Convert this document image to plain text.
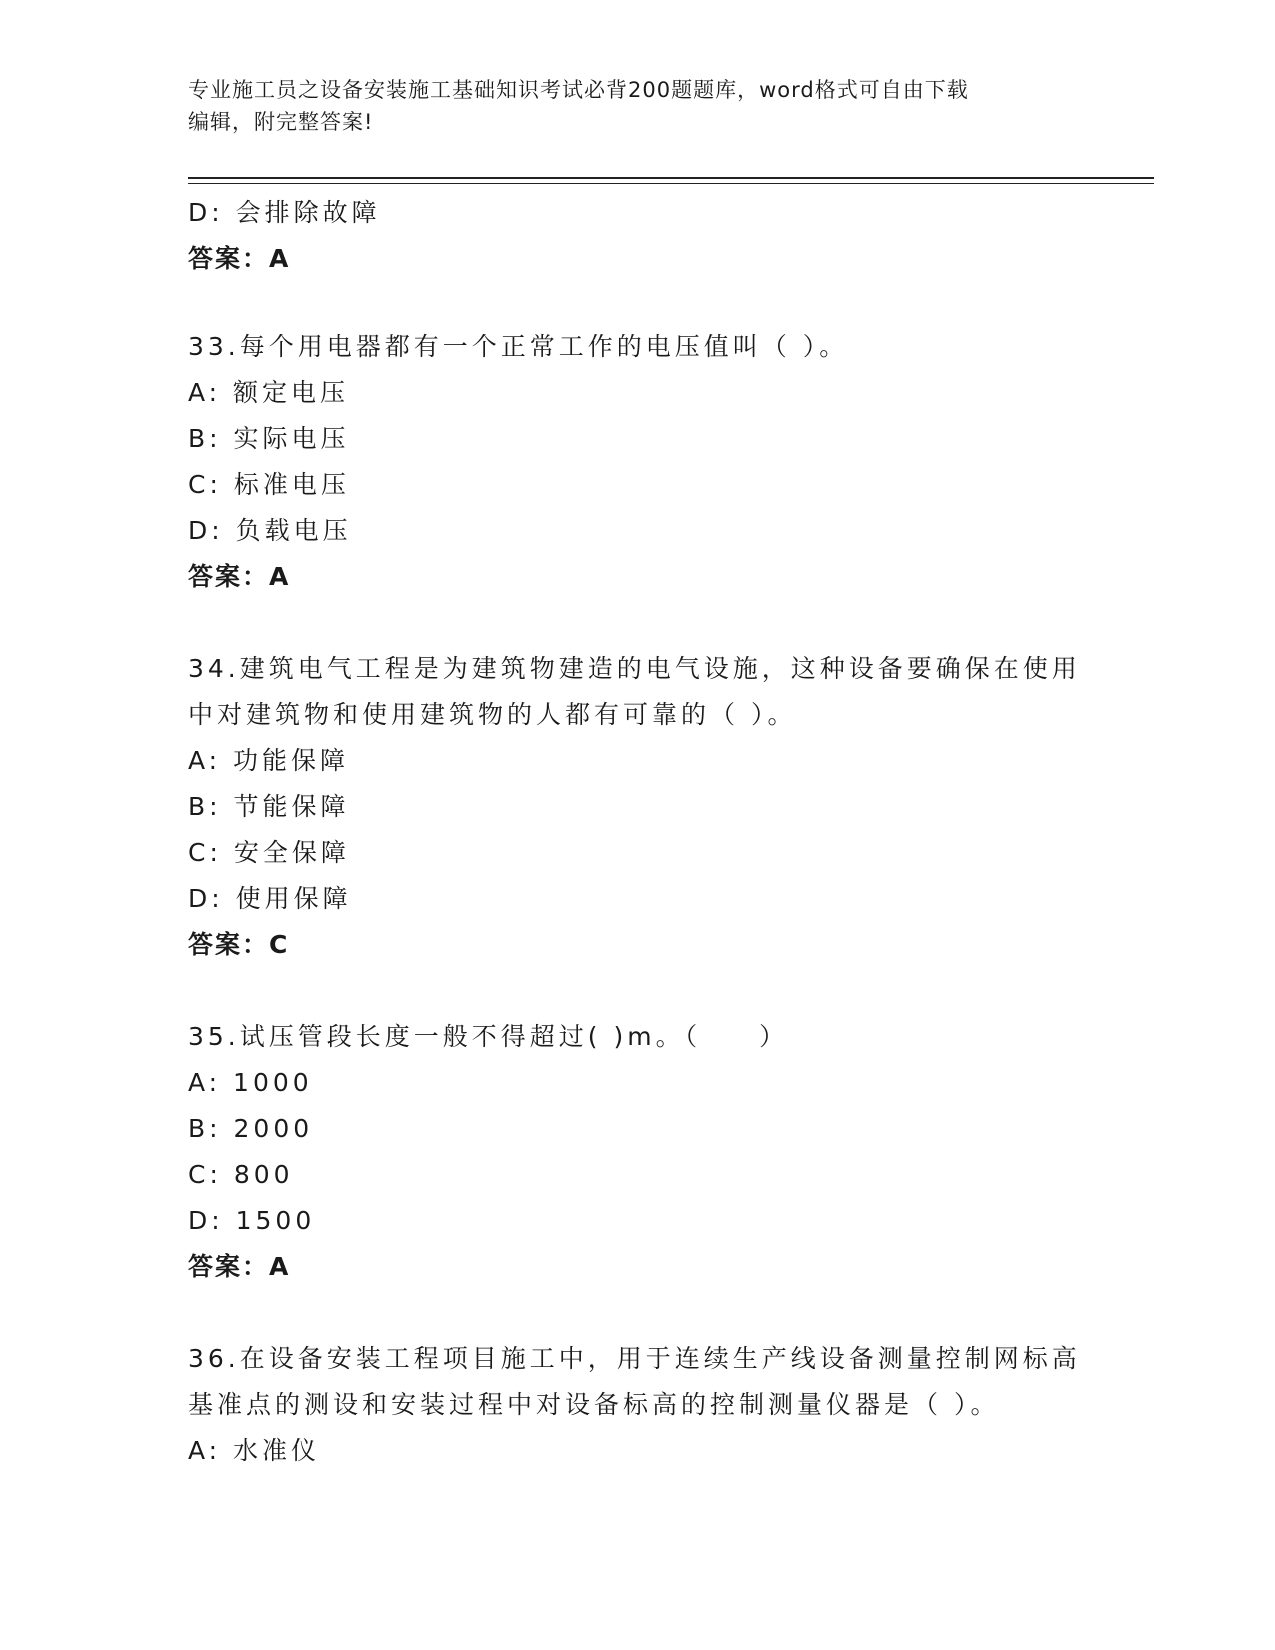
专业施工员之设备安装施工基础知识考试必背200题题库，word格式可自由下载
编辑，附完整答案!
D: 会排除故障
答案：A
33.每个用电器都有一个正常工作的电压值叫（ ）。
A: 额定电压
B: 实际电压
C: 标准电压
D: 负载电压
答案：A
34.建筑电气工程是为建筑物建造的电气设施，这种设备要确保在使用
中对建筑物和使用建筑物的人都有可靠的（ ）。
A: 功能保障
B: 节能保障
C: 安全保障
D: 使用保障
答案：C
35.试压管段长度一般不得超过( )m。（　　）
A: 1000
B: 2000
C: 800
D: 1500
答案：A
36.在设备安装工程项目施工中，用于连续生产线设备测量控制网标高
基准点的测设和安装过程中对设备标高的控制测量仪器是（ ）。
A: 水准仪
